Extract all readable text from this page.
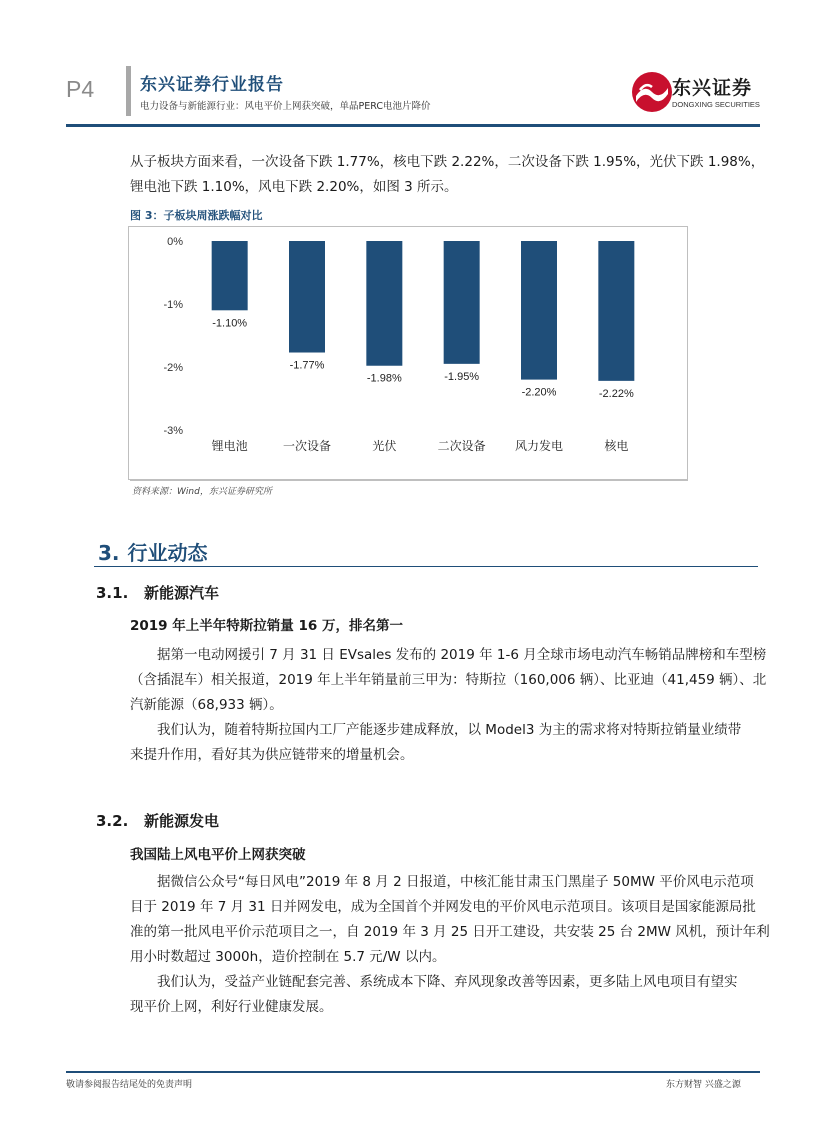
P4	东兴证券行业报告
电力设备与新能源行业：风电平价上网获突破，单晶PERC电池片降价
东兴证券
DONGXING SECURITIES

从子板块方面来看，一次设备下跌 1.77%，核电下跌 2.22%，二次设备下跌 1.95%，光伏下跌 1.98%，

锂电池下跌 1.10%，风电下跌 2.20%，如图 3 所示。

图 3：子板块周涨跌幅对比
0%
-1%
-2%
-3%
-1.10%
锂电池
-1.77%
一次设备
-1.98%
光伏
-1.95%
二次设备
-2.20%
风力发电
-2.22%
核电
资料来源：Wind，东兴证券研究所
3. 行业动态
3.1. 新能源汽车
2019 年上半年特斯拉销量 16 万，排名第一

据第一电动网援引 7 月 31 日 EVsales 发布的 2019 年 1-6 月全球市场电动汽车畅销品牌榜和车型榜

（含插混车）相关报道，2019 年上半年销量前三甲为：特斯拉（160,006 辆）、比亚迪（41,459 辆）、北

汽新能源（68,933 辆）。

我们认为，随着特斯拉国内工厂产能逐步建成释放，以 Model3 为主的需求将对特斯拉销量业绩带

来提升作用，看好其为供应链带来的增量机会。

3.2. 新能源发电
我国陆上风电平价上网获突破

据微信公众号“每日风电”2019 年 8 月 2 日报道，中核汇能甘肃玉门黑崖子 50MW 平价风电示范项

目于 2019 年 7 月 31 日并网发电，成为全国首个并网发电的平价风电示范项目。该项目是国家能源局批

准的第一批风电平价示范项目之一，自 2019 年 3 月 25 日开工建设，共安装 25 台 2MW 风机，预计年利

用小时数超过 3000h，造价控制在 5.7 元/W 以内。

我们认为，受益产业链配套完善、系统成本下降、弃风现象改善等因素，更多陆上风电项目有望实

现平价上网，利好行业健康发展。

敬请参阅报告结尾处的免责声明	东方财智 兴盛之源
